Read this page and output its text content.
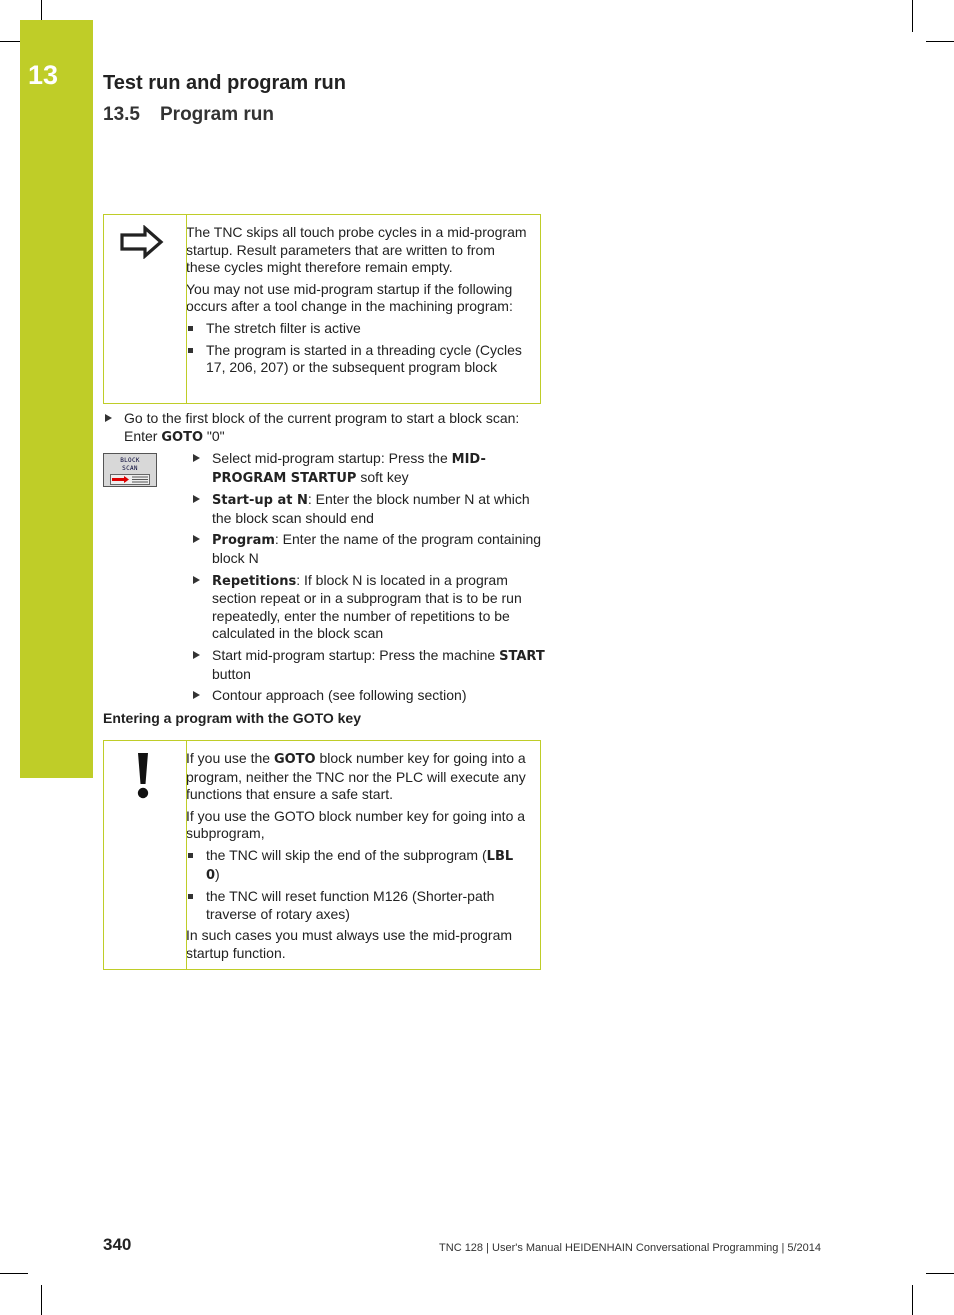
13	Test run and program run
13.5 Program run

The TNC skips all touch probe cycles in a mid-program startup. Result parameters that are written to from these cycles might therefore remain empty.

You may not use mid-program startup if the following occurs after a tool change in the machining program:

The stretch filter is active
The program is started in a threading cycle (Cycles 17, 206, 207) or the subsequent program block
Go to the first block of the current program to start a block scan: Enter GOTO "0"
BLOCK
SCAN
Select mid-program startup: Press the MID-PROGRAM STARTUP soft key
Start-up at N: Enter the block number N at which the block scan should end
Program: Enter the name of the program containing block N
Repetitions: If block N is located in a program section repeat or in a subprogram that is to be run repeatedly, enter the number of repetitions to be calculated in the block scan
Start mid-program startup: Press the machine START button
Contour approach (see following section)
Entering a program with the GOTO key

If you use the GOTO block number key for going into a program, neither the TNC nor the PLC will execute any functions that ensure a safe start.

If you use the GOTO block number key for going into a subprogram,

the TNC will skip the end of the subprogram (LBL 0)
the TNC will reset function M126 (Shorter-path traverse of rotary axes)

In such cases you must always use the mid-program startup function.

340	TNC 128 | User's Manual HEIDENHAIN Conversational Programming | 5/2014
